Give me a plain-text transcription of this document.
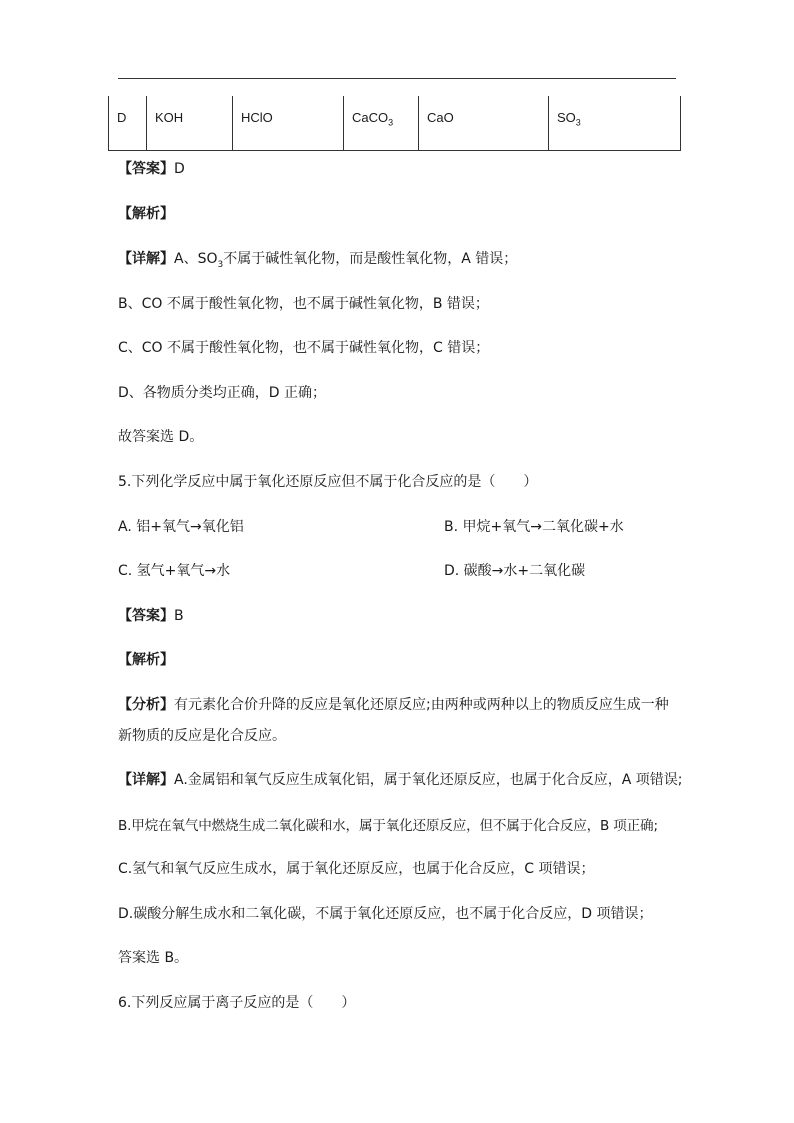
D	KOH	HClO	CaCO$_3$	CaO	$SO_3$
【答案】D
【解析】
【详解】A、$SO_3$不属于碱性氧化物，而是酸性氧化物，A 错误；
B、CO 不属于酸性氧化物，也不属于碱性氧化物，B 错误；
C、CO 不属于酸性氧化物，也不属于碱性氧化物，C 错误；
D、各物质分类均正确，D 正确；
故答案选 D。
5.下列化学反应中属于氧化还原反应但不属于化合反应的是（　　）
A. 铝+氧气→氧化铝	B. 甲烷+氧气→二氧化碳+水
C. 氢气+氧气→水	D. 碳酸→水+二氧化碳
【答案】B
【解析】
【分析】有元素化合价升降的反应是氧化还原反应;由两种或两种以上的物质反应生成一种
新物质的反应是化合反应。
【详解】A.金属铝和氧气反应生成氧化铝，属于氧化还原反应，也属于化合反应，A 项错误;
B.甲烷在氧气中燃烧生成二氧化碳和水，属于氧化还原反应，但不属于化合反应，B 项正确;
C.氢气和氧气反应生成水，属于氧化还原反应，也属于化合反应，C 项错误；
D.碳酸分解生成水和二氧化碳，不属于氧化还原反应，也不属于化合反应，D 项错误；
答案选 B。
6.下列反应属于离子反应的是（　　）
